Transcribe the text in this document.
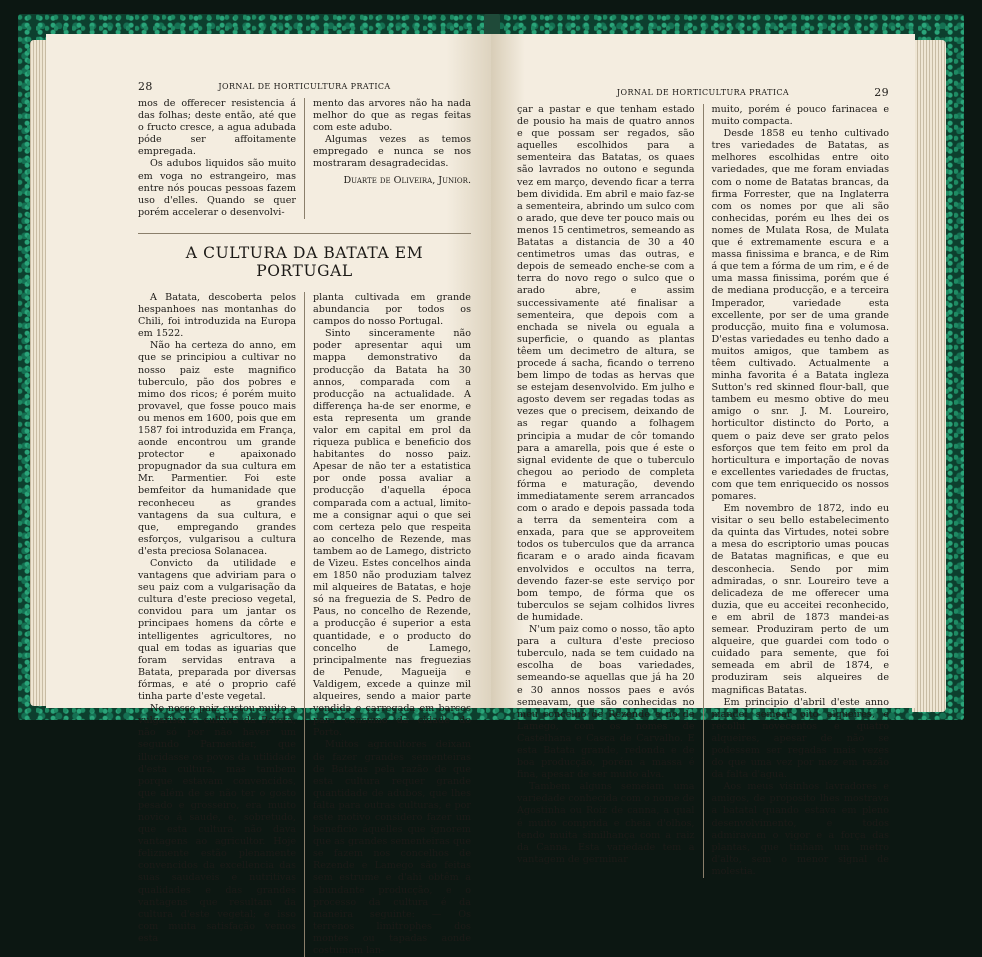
28	JORNAL DE HORTICULTURA PRATICA

mos de offerecer resistencia á das folhas; deste então, até que o fructo cresce, a agua adubada póde ser affoitamente empregada.

Os adubos liquidos são muito em voga no estrangeiro, mas entre nós poucas pessoas fazem uso d'elles. Quando se quer porém accelerar o desenvolvi-

mento das arvores não ha nada melhor do que as regas feitas com este adubo.

Algumas vezes as temos empregado e nunca se nos mostraram desagradecidas.

Duarte de Oliveira, Junior.
A CULTURA DA BATATA EM PORTUGAL

A Batata, descoberta pelos hespanhoes nas montanhas do Chili, foi introduzida na Europa em 1522.

Não ha certeza do anno, em que se principiou a cultivar no nosso paiz este magnifico tuberculo, pão dos pobres e mimo dos ricos; é porém muito provavel, que fosse pouco mais ou menos em 1600, pois que em 1587 foi introduzida em França, aonde encontrou um grande protector e apaixonado propugnador da sua cultura em Mr. Parmentier. Foi este bemfeitor da humanidade que reconheceu as grandes vantagens da sua cultura, e que, empregando grandes esforços, vulgarisou a cultura d'esta preciosa Solanacea.

Convicto da utilidade e vantagens que adviriam para o seu paiz com a vulgarisação da cultura d'este precioso vegetal, convidou para um jantar os principaes homens da côrte e intelligentes agricultores, no qual em todas as iguarias que foram servidas entrava a Batata, preparada por diversas fórmas, e até o proprio café tinha parte d'este vegetal.

No nosso paiz custou muito a vulgarisar a cultura da Batata, não só por não haver um segundo Parmentier, que illucidasse os povos da utilidade d'esta cultura, mas tambem porque estavam convencidos, que além de se não ter o gosto pesado e grosseiro, era muito novico á saude, e, sobretudo, que esta cultura não dava vantagens ao agricultor. Hoje felizmente estão plenamente convencidos da excellencia das suas saudaveis e nutritivas qualidades e das grandes vantagens que resultam da cultura d'este vegetal; e isso com muita satisfação vemos esta

planta cultivada em grande abundancia por todos os campos do nosso Portugal.

Sinto sinceramente não poder apresentar aqui um mappa demonstrativo da producção da Batata ha 30 annos, comparada com a producção na actualidade. A differença ha-de ser enorme, e esta representa um grande valor em capital em prol da riqueza publica e beneficio dos habitantes do nosso paiz. Apesar de não ter a estatistica por onde possa avaliar a producção d'aquella época comparada com a actual, limito-me a consignar aqui o que sei com certeza pelo que respeita ao concelho de Rezende, mas tambem ao de Lamego, districto de Vizeu. Estes concelhos ainda em 1850 não produziam talvez mil alqueires de Batatas, e hoje só na freguezia de S. Pedro de Paus, no concelho de Rezende, a producção é superior a esta quantidade, e o producto do concelho de Lamego, principalmente nas freguezias de Penude, Magueija e Valdigem, excede a quinze mil alqueires, sendo a maior parte vendida e carregada em barcos para consumo da cidade do Porto.

Muitos agricultores deixam de fazer grandes sementeiras de Batatas pela razão de que esta cultura requer grande quantidade de adubos, que lhes falta para outras culturas, e por este motivo considero fazer um beneficio áquelles que ignorem que as grandes sementeiras que se fazem nos concelhos de Rezende e Lamego são feitas sem estrume e d'ahi obtêm a abundante producção, e o processo da cultura é da maneira seguinte: — Os terrenos limitrophes dos montes ou tapadas aonde costumam lan-

JORNAL DE HORTICULTURA PRATICA	29

çar a pastar e que tenham estado de pousio ha mais de quatro annos e que possam ser regados, são aquelles escolhidos para a sementeira das Batatas, os quaes são lavrados no outono e segunda vez em março, devendo ficar a terra bem dividida. Em abril e maio faz-se a sementeira, abrindo um sulco com o arado, que deve ter pouco mais ou menos 15 centimetros, semeando as Batatas a distancia de 30 a 40 centimetros umas das outras, e depois de semeado enche-se com a terra do novo rego o sulco que o arado abre, e assim successivamente até finalisar a sementeira, que depois com a enchada se nivela ou eguala a superficie, o quando as plantas têem um decimetro de altura, se procede á sacha, ficando o terreno bem limpo de todas as hervas que se estejam desenvolvido. Em julho e agosto devem ser regadas todas as vezes que o precisem, deixando de as regar quando a folhagem principia a mudar de côr tomando para a amarella, pois que é este o signal evidente de que o tuberculo chegou ao periodo de completa fórma e maturação, devendo immediatamente serem arrancados com o arado e depois passada toda a terra da sementeira com a enxada, para que se approveitem todos os tuberculos que da arranca ficaram e o arado ainda ficavam envolvidos e occultos na terra, devendo fazer-se este serviço por bom tempo, de fórma que os tuberculos se sejam colhidos livres de humidade.

N'um paiz como o nosso, tão apto para a cultura d'este precioso tuberculo, nada se tem cuidado na escolha de boas variedades, semeando-se aquellas que já ha 20 e 30 annos nossos paes e avós semeavam, que são conhecidas no meu concelho de Rezende e no de Lamego, com os nomes de Castelhana e Casca de Carvalho. E esta Batata grande, redonda e de boa producção, porém a massa é fina, apesar de ser muito alva.

Tambem alguns semeiam uma variedade conhecida com o nome de Agostinha ou Roiz de canna, a qual é muito comprida e cheia d'olhos, tendo muita similhança com a raiz da Canna. Esta variedade tem a vantagem de germinar

muito, porém é pouco farinacea e muito compacta.

Desde 1858 eu tenho cultivado tres variedades de Batatas, as melhores escolhidas entre oito variedades, que me foram enviadas com o nome de Batatas brancas, da firma Forrester, que na Inglaterra com os nomes por que ali são conhecidas, porém eu lhes dei os nomes de Mulata Rosa, de Mulata que é extremamente escura e a massa finissima e branca, e de Rim á que tem a fórma de um rim, e é de uma massa finissima, porém que é de mediana producção, e a terceira Imperador, variedade esta excellente, por ser de uma grande producção, muito fina e volumosa. D'estas variedades eu tenho dado a muitos amigos, que tambem as têem cultivado. Actualmente a minha favorita é a Batata ingleza Sutton's red skinned flour-ball, que tambem eu mesmo obtive do meu amigo o snr. J. M. Loureiro, horticultor distincto do Porto, a quem o paiz deve ser grato pelos esforços que tem feito em prol da horticultura e importação de novas e excellentes variedades de fructas, com que tem enriquecido os nossos pomares.

Em novembro de 1872, indo eu visitar o seu bello estabelecimento da quinta das Virtudes, notei sobre a mesa do escriptorio umas poucas de Batatas magnificas, e que eu desconhecia. Sendo por mim admiradas, o snr. Loureiro teve a delicadeza de me offerecer uma duzia, que eu acceitei reconhecido, e em abril de 1873 mandei-as semear. Produziram perto de um alqueire, que guardei com todo o cuidado para semente, que foi semeada em abril de 1874, e produziram seis alqueires de magnificas Batatas.

Em principio d'abril d'este anno mandei semear oito alqueires, e recolhi novecentos e quatro alqueires, apesar de não se podessem ser regadas mais vezes do que uma vez por mez em razão da falta d'agua.

Aos meus visinhos lavradores e amigos, de proposito lhes mostrava a batatal quando estava em pleno desenvolvimento, e todos admiravam o vigor e a força das plantas, que tinham um metro d'alto, sem o menor signal de molestia.
